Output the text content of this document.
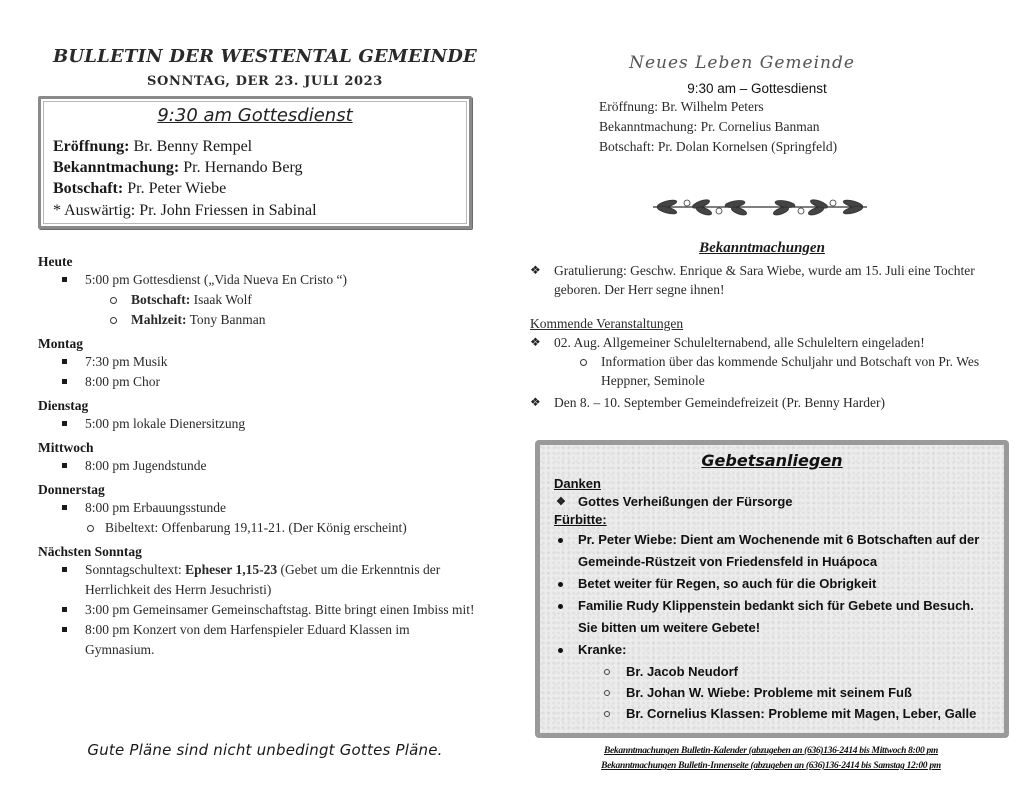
BULLETIN DER WESTENTAL GEMEINDE
SONNTAG, DER 23. JULI 2023
9:30 am Gottesdienst
Eröffnung: Br. Benny Rempel
Bekanntmachung: Pr. Hernando Berg
Botschaft: Pr. Peter Wiebe
* Auswärtig: Pr. John Friessen in Sabinal
Heute
5:00 pm Gottesdienst („Vida Nueva En Cristo “)
Botschaft: Isaak Wolf
Mahlzeit: Tony Banman
Montag
7:30 pm Musik
8:00 pm Chor
Dienstag
5:00 pm lokale Dienersitzung
Mittwoch
8:00 pm Jugendstunde
Donnerstag
8:00 pm Erbauungsstunde
Bibeltext: Offenbarung 19,11-21. (Der König erscheint)
Nächsten Sonntag
Sonntagschultext: Epheser 1,15-23 (Gebet um die Erkenntnis der Herrlichkeit des Herrn Jesuchristi)
3:00 pm Gemeinsamer Gemeinschaftstag. Bitte bringt einen Imbiss mit!
8:00 pm Konzert von dem Harfenspieler Eduard Klassen im Gymnasium.
Gute Pläne sind nicht unbedingt Gottes Pläne.
Neues Leben Gemeinde
9:30 am – Gottesdienst
Eröffnung: Br. Wilhelm Peters
Bekanntmachung: Pr. Cornelius Banman
Botschaft: Pr. Dolan Kornelsen (Springfeld)
Bekanntmachungen
❖ Gratulierung: Geschw. Enrique & Sara Wiebe, wurde am 15. Juli eine Tochter geboren. Der Herr segne ihnen!
Kommende Veranstaltungen
❖ 02. Aug. Allgemeiner Schulelternabend, alle Schuleltern eingeladen!
Information über das kommende Schuljahr und Botschaft von Pr. Wes Heppner, Seminole
❖ Den 8. – 10. September Gemeindefreizeit (Pr. Benny Harder)
Gebetsanliegen
Danken
❖ Gottes Verheißungen der Fürsorge
Fürbitte:
Pr. Peter Wiebe: Dient am Wochenende mit 6 Botschaften auf der Gemeinde-Rüstzeit von Friedensfeld in Huápoca
Betet weiter für Regen, so auch für die Obrigkeit
Familie Rudy Klippenstein bedankt sich für Gebete und Besuch. Sie bitten um weitere Gebete!
Kranke:
Br. Jacob Neudorf
Br. Johan W. Wiebe: Probleme mit seinem Fuß
Br. Cornelius Klassen: Probleme mit Magen, Leber, Galle
Bekanntmachungen Bulletin-Kalender (abzugeben an (636)136-2414 bis Mittwoch 8:00 pm
Bekanntmachungen Bulletin-Innenseite (abzugeben an (636)136-2414 bis Samstag 12:00 pm
